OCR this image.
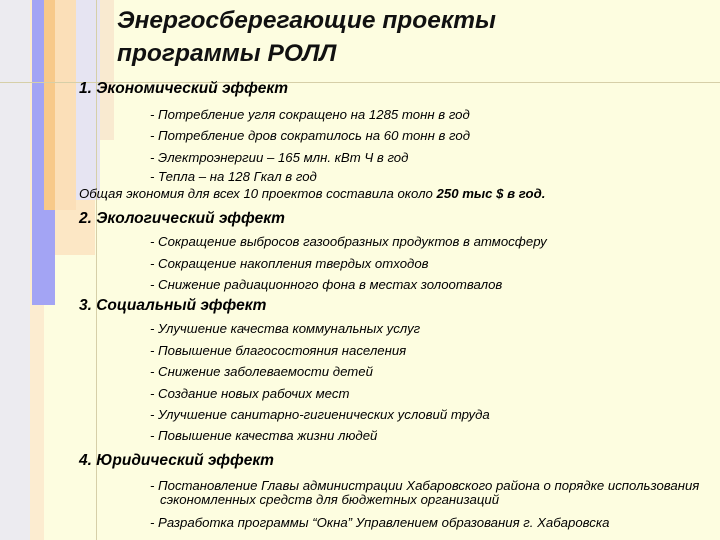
Энергосберегающие проекты
программы РОЛЛ
1. Экономический эффект
- Потребление угля сокращено на 1285 тонн в год
- Потребление дров сократилось на 60 тонн в год
- Электроэнергии – 165 млн. кВт Ч в год
- Тепла – на 128 Гкал в год
Общая экономия для всех 10 проектов составила около 250 тыс $ в год.
2. Экологический эффект
- Сокращение выбросов газообразных продуктов в атмосферу
- Сокращение накопления твердых отходов
- Снижение радиационного фона в местах золоотвалов
3. Социальный эффект
- Улучшение качества коммунальных услуг
- Повышение благосостояния населения
- Снижение заболеваемости детей
- Создание новых рабочих мест
- Улучшение санитарно-гигиенических условий труда
- Повышение качества жизни людей
4. Юридический эффект
- Постановление Главы администрации Хабаровского района о порядке использования сэкономленных средств для бюджетных организаций
- Разработка программы “Окна” Управлением образования г. Хабаровска
